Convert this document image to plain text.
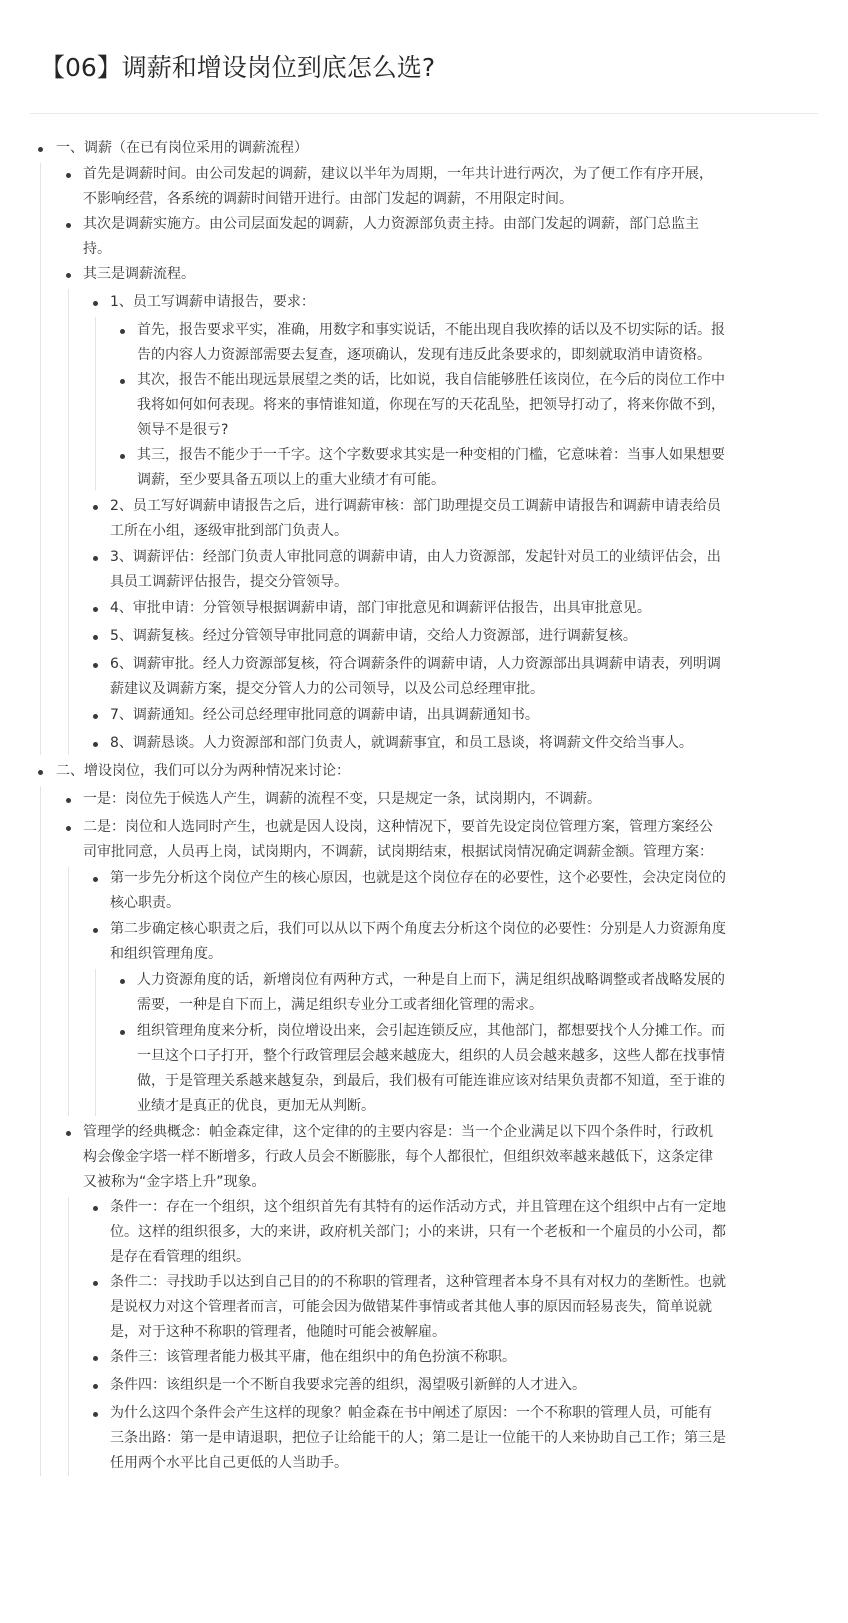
【06】调薪和增设岗位到底怎么选?
一、调薪（在已有岗位采用的调薪流程）
首先是调薪时间。由公司发起的调薪，建议以半年为周期，一年共计进行两次，为了便工作有序开展，
不影响经营，各系统的调薪时间错开进行。由部门发起的调薪，不用限定时间。
其次是调薪实施方。由公司层面发起的调薪，人力资源部负责主持。由部门发起的调薪，部门总监主
持。
其三是调薪流程。
1、员工写调薪申请报告，要求：
首先，报告要求平实，准确，用数字和事实说话，不能出现自我吹捧的话以及不切实际的话。报
告的内容人力资源部需要去复查，逐项确认，发现有违反此条要求的，即刻就取消申请资格。
其次，报告不能出现远景展望之类的话，比如说，我自信能够胜任该岗位，在今后的岗位工作中
我将如何如何表现。将来的事情谁知道，你现在写的天花乱坠，把领导打动了，将来你做不到，
领导不是很亏?
其三，报告不能少于一千字。这个字数要求其实是一种变相的门槛，它意味着：当事人如果想要
调薪，至少要具备五项以上的重大业绩才有可能。
2、员工写好调薪申请报告之后，进行调薪审核：部门助理提交员工调薪申请报告和调薪申请表给员
工所在小组，逐级审批到部门负责人。
3、调薪评估：经部门负责人审批同意的调薪申请，由人力资源部，发起针对员工的业绩评估会，出
具员工调薪评估报告，提交分管领导。
4、审批申请：分管领导根据调薪申请，部门审批意见和调薪评估报告，出具审批意见。
5、调薪复核。经过分管领导审批同意的调薪申请，交给人力资源部，进行调薪复核。
6、调薪审批。经人力资源部复核，符合调薪条件的调薪申请，人力资源部出具调薪申请表，列明调
薪建议及调薪方案，提交分管人力的公司领导，以及公司总经理审批。
7、调薪通知。经公司总经理审批同意的调薪申请，出具调薪通知书。
8、调薪恳谈。人力资源部和部门负责人，就调薪事宜，和员工恳谈，将调薪文件交给当事人。
二、增设岗位，我们可以分为两种情况来讨论：
一是：岗位先于候选人产生，调薪的流程不变，只是规定一条，试岗期内，不调薪。
二是：岗位和人选同时产生，也就是因人设岗，这种情况下，要首先设定岗位管理方案，管理方案经公
司审批同意，人员再上岗，试岗期内，不调薪，试岗期结束，根据试岗情况确定调薪金额。管理方案：
第一步先分析这个岗位产生的核心原因，也就是这个岗位存在的必要性，这个必要性，会决定岗位的
核心职责。
第二步确定核心职责之后，我们可以从以下两个角度去分析这个岗位的必要性：分别是人力资源角度
和组织管理角度。
人力资源角度的话，新增岗位有两种方式，一种是自上而下，满足组织战略调整或者战略发展的
需要，一种是自下而上，满足组织专业分工或者细化管理的需求。
组织管理角度来分析，岗位增设出来，会引起连锁反应，其他部门，都想要找个人分摊工作。而
一旦这个口子打开，整个行政管理层会越来越庞大，组织的人员会越来越多，这些人都在找事情
做，于是管理关系越来越复杂，到最后，我们极有可能连谁应该对结果负责都不知道，至于谁的
业绩才是真正的优良，更加无从判断。
管理学的经典概念：帕金森定律，这个定律的的主要内容是：当一个企业满足以下四个条件时，行政机
构会像金字塔一样不断增多，行政人员会不断膨胀，每个人都很忙，但组织效率越来越低下，这条定律
又被称为“金字塔上升”现象。
条件一：存在一个组织，这个组织首先有其特有的运作活动方式，并且管理在这个组织中占有一定地
位。这样的组织很多，大的来讲，政府机关部门；小的来讲，只有一个老板和一个雇员的小公司，都
是存在看管理的组织。
条件二：寻找助手以达到自己目的的不称职的管理者，这种管理者本身不具有对权力的垄断性。也就
是说权力对这个管理者而言，可能会因为做错某件事情或者其他人事的原因而轻易丧失，简单说就
是，对于这种不称职的管理者，他随时可能会被解雇。
条件三：该管理者能力极其平庸，他在组织中的角色扮演不称职。
条件四：该组织是一个不断自我要求完善的组织，渴望吸引新鲜的人才进入。
为什么这四个条件会产生这样的现象？帕金森在书中阐述了原因：一个不称职的管理人员，可能有
三条出路：第一是申请退职，把位子让给能干的人；第二是让一位能干的人来协助自己工作；第三是
任用两个水平比自己更低的人当助手。
